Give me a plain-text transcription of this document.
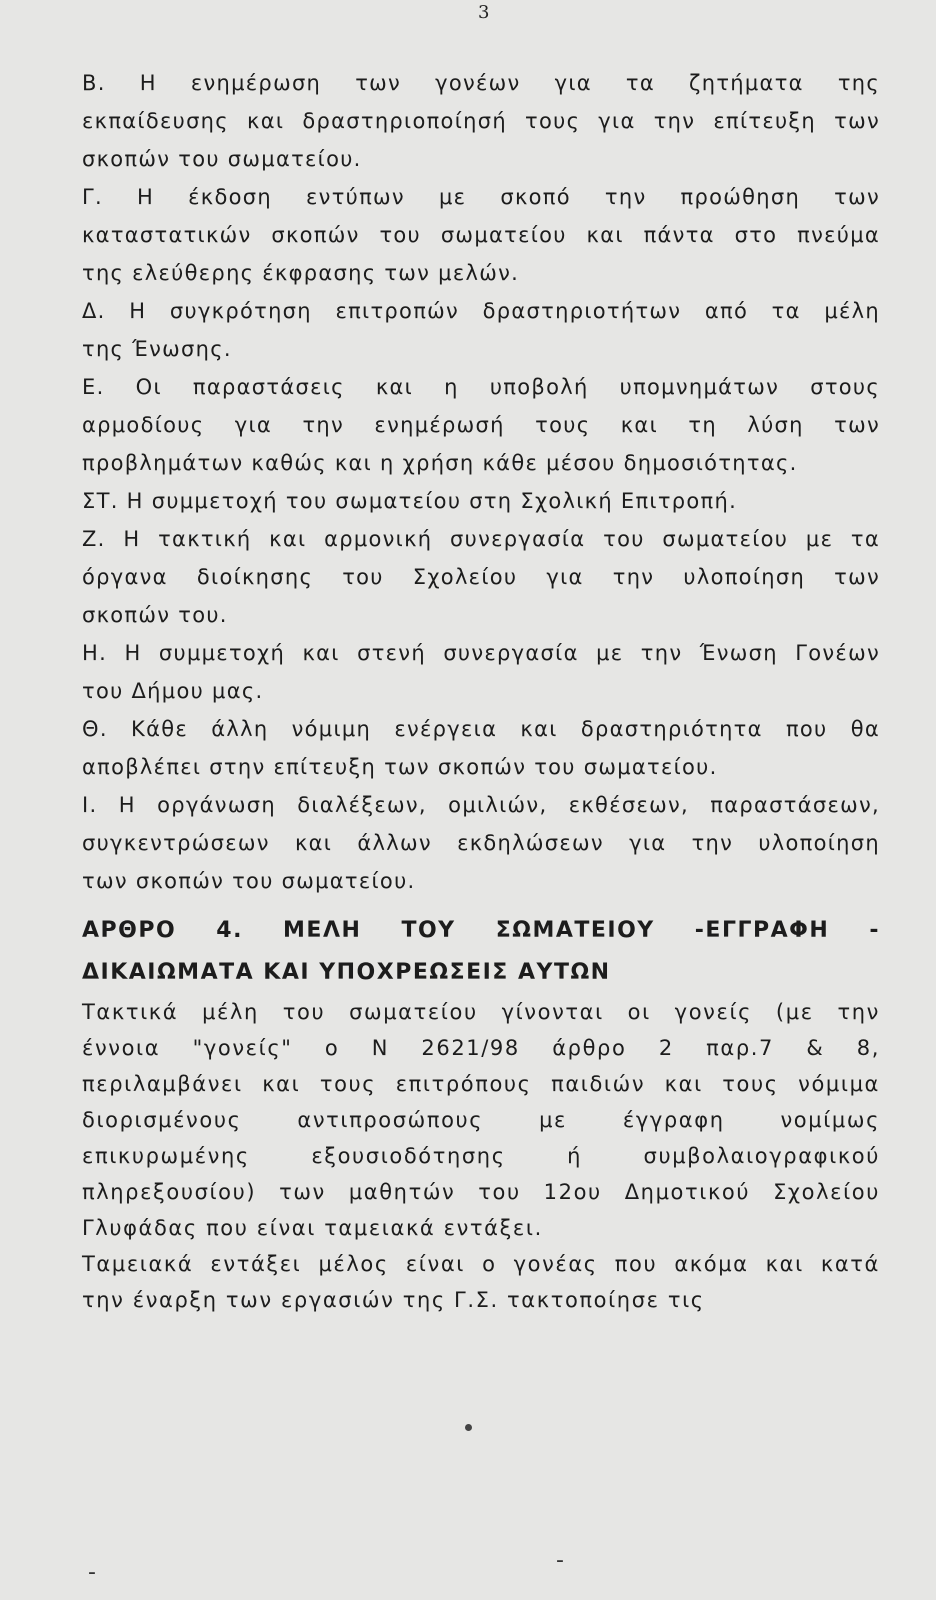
3
Β. Η ενημέρωση των γονέων για τα ζητήματα της
εκπαίδευσης και δραστηριοποίησή τους για την επίτευξη των
σκοπών του σωματείου.
Γ. Η έκδοση εντύπων με σκοπό την προώθηση των
καταστατικών σκοπών του σωματείου και πάντα στο πνεύμα
της ελεύθερης έκφρασης των μελών.
Δ. Η συγκρότηση επιτροπών δραστηριοτήτων από τα μέλη
της Ένωσης.
Ε. Οι παραστάσεις και η υποβολή υπομνημάτων στους
αρμοδίους για την ενημέρωσή τους και τη λύση των
προβλημάτων καθώς και η χρήση κάθε μέσου δημοσιότητας.
ΣΤ. Η συμμετοχή του σωματείου στη Σχολική Επιτροπή.
Ζ. Η τακτική και αρμονική συνεργασία του σωματείου με τα
όργανα διοίκησης του Σχολείου για την υλοποίηση των
σκοπών του.
Η. Η συμμετοχή και στενή συνεργασία με την Ένωση Γονέων
του Δήμου μας.
Θ. Κάθε άλλη νόμιμη ενέργεια και δραστηριότητα που θα
αποβλέπει στην επίτευξη των σκοπών του σωματείου.
Ι. Η οργάνωση διαλέξεων, ομιλιών, εκθέσεων, παραστάσεων,
συγκεντρώσεων και άλλων εκδηλώσεων για την υλοποίηση
των σκοπών του σωματείου.
ΑΡΘΡΟ 4. ΜΕΛΗ ΤΟΥ ΣΩΜΑΤΕΙΟΥ -ΕΓΓΡΑΦΗ -
ΔΙΚΑΙΩΜΑΤΑ ΚΑΙ ΥΠΟΧΡΕΩΣΕΙΣ ΑΥΤΩΝ
Τακτικά μέλη του σωματείου γίνονται οι γονείς (με την
έννοια "γονείς" ο Ν 2621/98 άρθρο 2 παρ.7 & 8,
περιλαμβάνει και τους επιτρόπους παιδιών και τους νόμιμα
διορισμένους αντιπροσώπους με έγγραφη νομίμως
επικυρωμένης εξουσιοδότησης ή συμβολαιογραφικού
πληρεξουσίου) των μαθητών του 12ου Δημοτικού Σχολείου
Γλυφάδας που είναι ταμειακά εντάξει.
Ταμειακά εντάξει μέλος είναι ο γονέας που ακόμα και κατά
την έναρξη των εργασιών της Γ.Σ. τακτοποίησε τις
-	-
